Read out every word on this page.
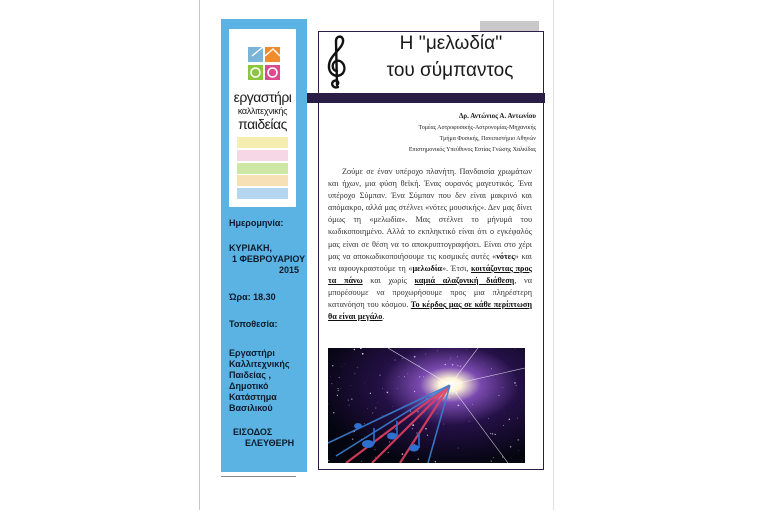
εργαστήρι
καλλιτεχνικής
παιδείας
Ημερομηνία:
ΚΥΡΙΑΚΗ,
1 ΦΕΒΡΟΥΑΡΙΟΥ
2015
Ώρα: 18.30
Τοποθεσία:
Εργαστήρι Καλλιτεχνικής Παιδείας , Δημοτικό Κατάστημα Βασιλικού
ΕΙΣΟΔΟΣ
ΕΛΕΥΘΕΡΗ
Η ''μελωδία''
του σύμπαντος
Δρ. Αντώνιος Α. Αντωνίου
Τομέας Αστροφυσικής-Αστρονομίας-Μηχανικής
Τμήμα Φυσικής, Πανεπιστήμιο Αθηνών
Επιστημονικός Υπεύθυνος Εστίας Γνώσης Χαλκίδας
Ζούμε σε έναν υπέροχο πλανήτη. Πανδαισία χρωμάτων και ήχων, μια φύση θεϊκή. Ένας ουρανός μαγευτικός. Ένα υπέροχο Σύμπαν. Ένα Σύμπαν που δεν είναι μακρινό και απόμακρο, αλλά μας στέλνει «νότες μουσικής». Δεν μας δίνει όμως τη «μελωδία». Μας στέλνει το μήνυμά του κωδικοποιημένο. Αλλά το εκπληκτικό είναι ότι ο εγκέφαλός μας είναι σε θέση να το αποκρυπτογραφήσει. Είναι στο χέρι μας να αποκωδικοποιήσουμε τις κοσμικές αυτές «νότες» και να αφουγκραστούμε τη «μελωδία». Έτσι, κοιτάζοντας προς τα πάνω και χωρίς καμιά αλαζονική διάθεση, να μπορέσουμε να προχωρήσουμε προς μια πληρέστερη κατανόηση του κόσμου. Το κέρδος μας σε κάθε περίπτωση θα είναι μεγάλο.
